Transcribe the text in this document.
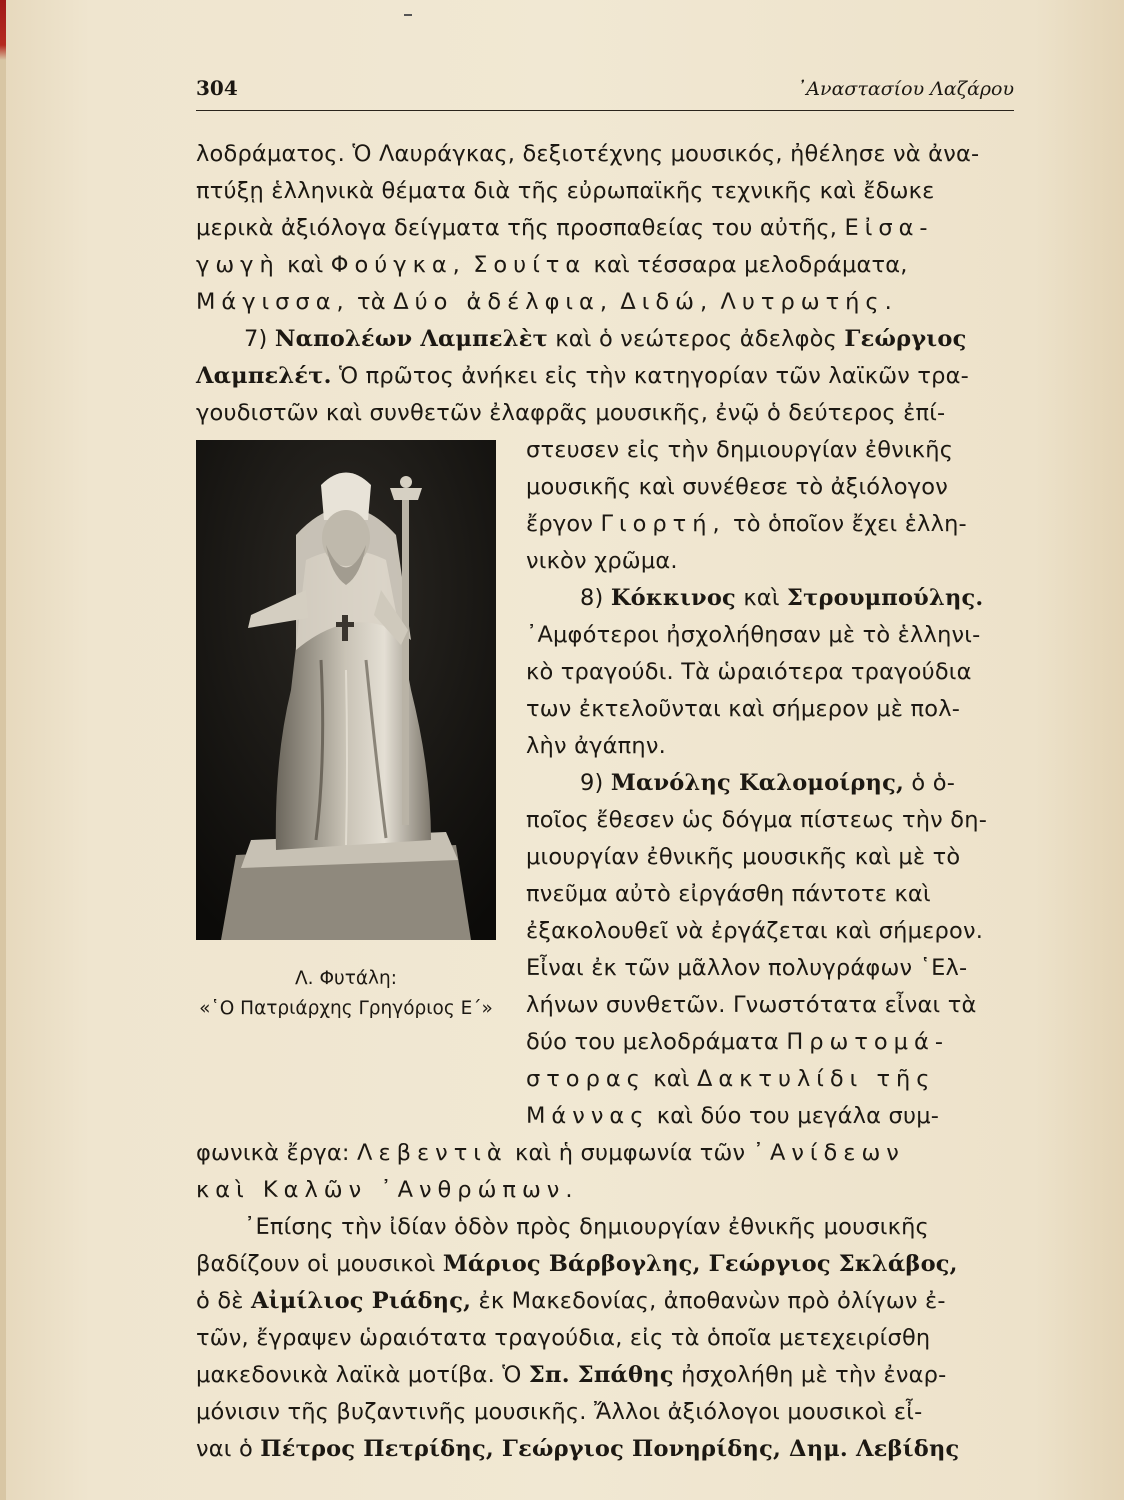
304	᾿Αναστασίου Λαζάρου
λοδράματος. Ὁ Λαυράγκας, δεξιοτέχνης μουσικός, ἠθέλησε νὰ ἀνα-
πτύξῃ ἑλληνικὰ θέματα διὰ τῆς εὐρωπαϊκῆς τεχνικῆς καὶ ἔδωκε
μερικὰ ἀξιόλογα δείγματα τῆς προσπαθείας του αὐτῆς, Εἰσα-
γωγὴ καὶ Φούγκα, Σουίτα καὶ τέσσαρα μελοδράματα,
Μάγισσα, τὰ Δύο ἀδέλφια, Διδώ, Λυτρωτής.
7) Ναπολέων Λαμπελὲτ καὶ ὁ νεώτερος ἀδελφὸς Γεώργιος
Λαμπελέτ. Ὁ πρῶτος ἀνήκει εἰς τὴν κατηγορίαν τῶν λαϊκῶν τρα-
γουδιστῶν καὶ συνθετῶν ἐλαφρᾶς μουσικῆς, ἐνῷ ὁ δεύτερος ἐπί-
στευσεν εἰς τὴν δημιουργίαν ἐθνικῆς
μουσικῆς καὶ συνέθεσε τὸ ἀξιόλογον
ἔργον Γιορτή, τὸ ὁποῖον ἔχει ἑλλη-
νικὸν χρῶμα.
8) Κόκκινος καὶ Στρουμπούλης.
᾿Αμφότεροι ἠσχολήθησαν μὲ τὸ ἑλληνι-
κὸ τραγούδι. Τὰ ὡραιότερα τραγούδια
των ἐκτελοῦνται καὶ σήμερον μὲ πολ-
λὴν ἀγάπην.
9) Μανόλης Καλομοίρης, ὁ ὁ-
ποῖος ἔθεσεν ὡς δόγμα πίστεως τὴν δη-
μιουργίαν ἐθνικῆς μουσικῆς καὶ μὲ τὸ
πνεῦμα αὐτὸ εἰργάσθη πάντοτε καὶ
ἐξακολουθεῖ νὰ ἐργάζεται καὶ σήμερον.
Εἶναι ἐκ τῶν μᾶλλον πολυγράφων ῾Ελ-
λήνων συνθετῶν. Γνωστότατα εἶναι τὰ
δύο του μελοδράματα Πρωτομά-
στορας καὶ Δακτυλίδι τῆς
Μάννας καὶ δύο του μεγάλα συμ-
φωνικὰ ἔργα: Λεβεντιὰ καὶ ἡ συμφωνία τῶν ᾿Ανίδεων
καὶ Καλῶν ᾿Ανθρώπων.
᾿Επίσης τὴν ἰδίαν ὁδὸν πρὸς δημιουργίαν ἐθνικῆς μουσικῆς
βαδίζουν οἱ μουσικοὶ Μάριος Βάρβογλης, Γεώργιος Σκλάβος,
ὁ δὲ Αἰμίλιος Ριάδης, ἐκ Μακεδονίας, ἀποθανὼν πρὸ ὀλίγων ἐ-
τῶν, ἔγραψεν ὡραιότατα τραγούδια, εἰς τὰ ὁποῖα μετεχειρίσθη
μακεδονικὰ λαϊκὰ μοτίβα. Ὁ Σπ. Σπάθης ἠσχολήθη μὲ τὴν ἐναρ-
μόνισιν τῆς βυζαντινῆς μουσικῆς. Ἄλλοι ἀξιόλογοι μουσικοὶ εἶ-
ναι ὁ Πέτρος Πετρίδης, Γεώργιος Πονηρίδης, Δημ. Λεβίδης
Λ. Φυτάλη:
«῾Ο Πατριάρχης Γρηγόριος Ε΄»
